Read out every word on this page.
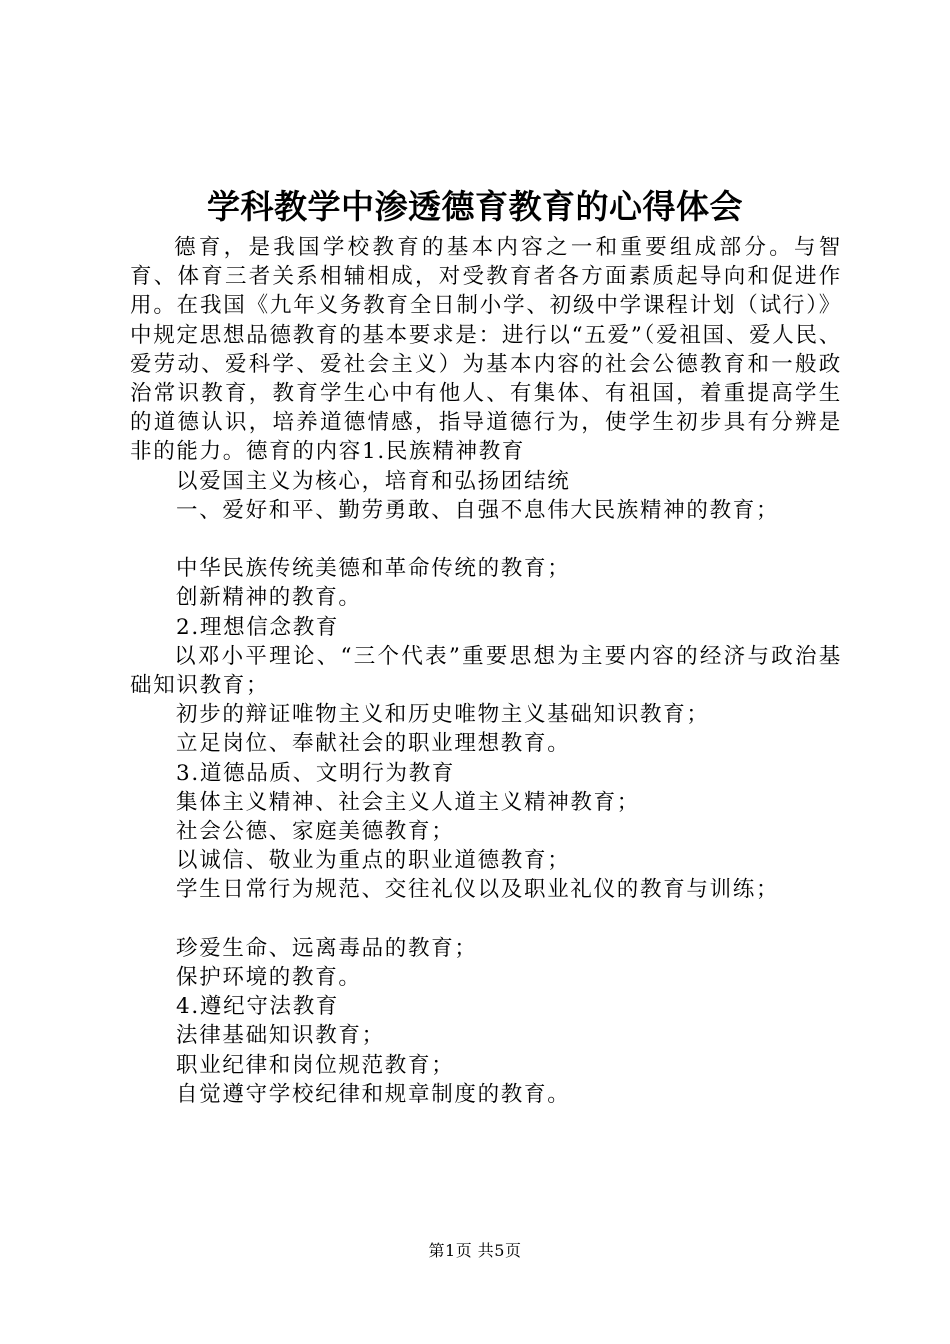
学科教学中渗透德育教育的心得体会

德育，是我国学校教育的基本内容之一和重要组成部分。与智育、体育三者关系相辅相成，对受教育者各方面素质起导向和促进作用。在我国《九年义务教育全日制小学、初级中学课程计划（试行）》中规定思想品德教育的基本要求是：进行以“五爱”（爱祖国、爱人民、爱劳动、爱科学、爱社会主义）为基本内容的社会公德教育和一般政治常识教育，教育学生心中有他人、有集体、有祖国，着重提高学生的道德认识，培养道德情感，指导道德行为，使学生初步具有分辨是非的能力。德育的内容1.民族精神教育

以爱国主义为核心，培育和弘扬团结统

一、爱好和平、勤劳勇敢、自强不息伟大民族精神的教育；

中华民族传统美德和革命传统的教育；

创新精神的教育。

2.理想信念教育

以邓小平理论、“三个代表”重要思想为主要内容的经济与政治基础知识教育；

初步的辩证唯物主义和历史唯物主义基础知识教育；

立足岗位、奉献社会的职业理想教育。

3.道德品质、文明行为教育

集体主义精神、社会主义人道主义精神教育；

社会公德、家庭美德教育；

以诚信、敬业为重点的职业道德教育；

学生日常行为规范、交往礼仪以及职业礼仪的教育与训练；

珍爱生命、远离毒品的教育；

保护环境的教育。

4.遵纪守法教育

法律基础知识教育；

职业纪律和岗位规范教育；

自觉遵守学校纪律和规章制度的教育。

第1页 共5页
